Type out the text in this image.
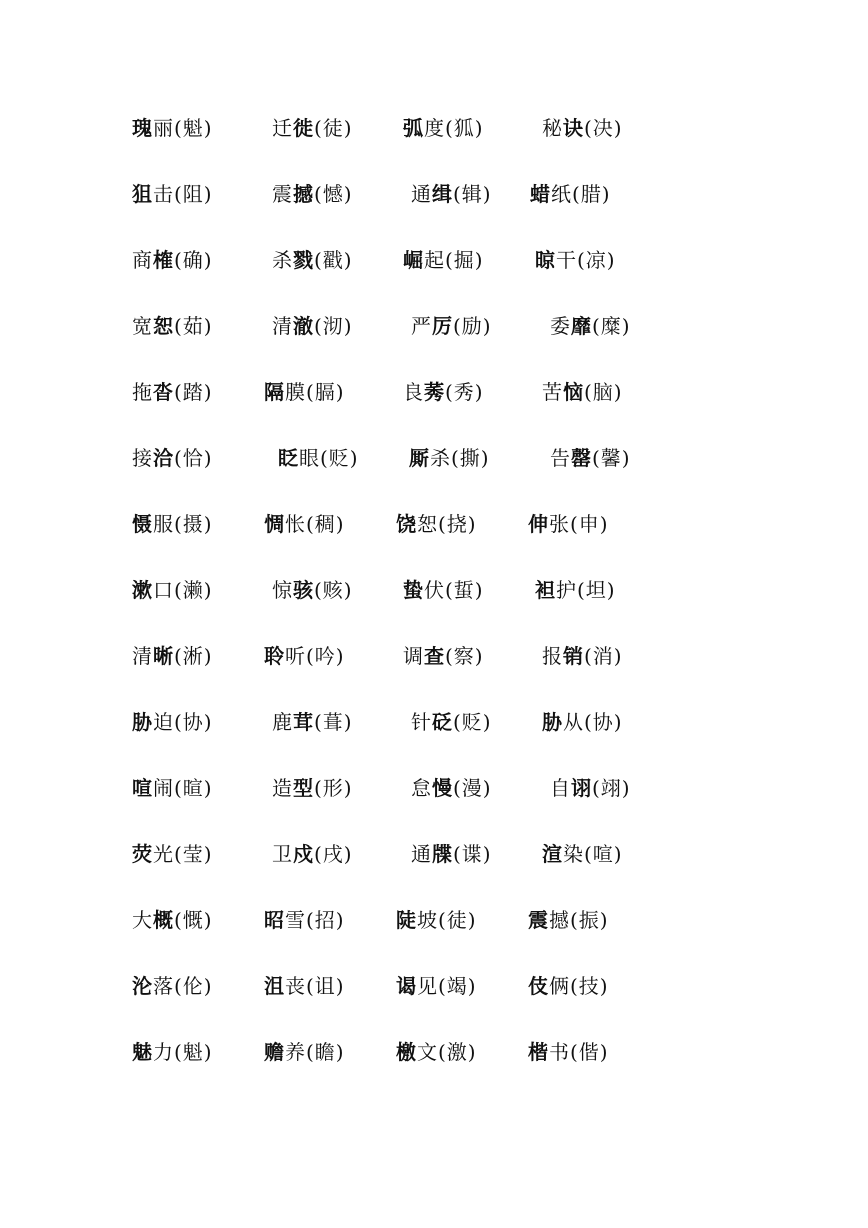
瑰丽(魁)	迁徙(徒)	弧度(狐)	秘诀(决)
狙击(阻)	震撼(憾)	通缉(辑) 蜡纸(腊)
商榷(确)	杀戮(戳)	崛起(掘)	晾干(凉)
宽恕(茹)	清澈(沏)	严厉(励)	委靡(糜)
拖沓(踏)	隔膜(膈)	良莠(秀)	苦恼(脑)
接洽(恰)	眨眼(贬)	厮杀(撕)	告罄(馨)
慑服(摄)	惆怅(稠)	饶恕(挠)	伸张(申)
漱口(濑)	惊骇(赅)	蛰伏(蜇)	袒护(坦)
清晰(淅)	聆听(吟)	调查(察)	报销(消)
胁迫(协)	鹿茸(葺)	针砭(贬)	胁从(协)
喧闹(暄)	造型(形)	怠慢(漫)	自诩(翊)
荧光(莹)	卫戍(戌)	通牒(谍)	渲染(喧)
大概(慨)	昭雪(招)	陡坡(徒)	震撼(振)
沦落(伦)	沮丧(诅)	谒见(竭)	伎俩(技)
魅力(魁)	赡养(瞻)	檄文(激)	楷书(偕)
